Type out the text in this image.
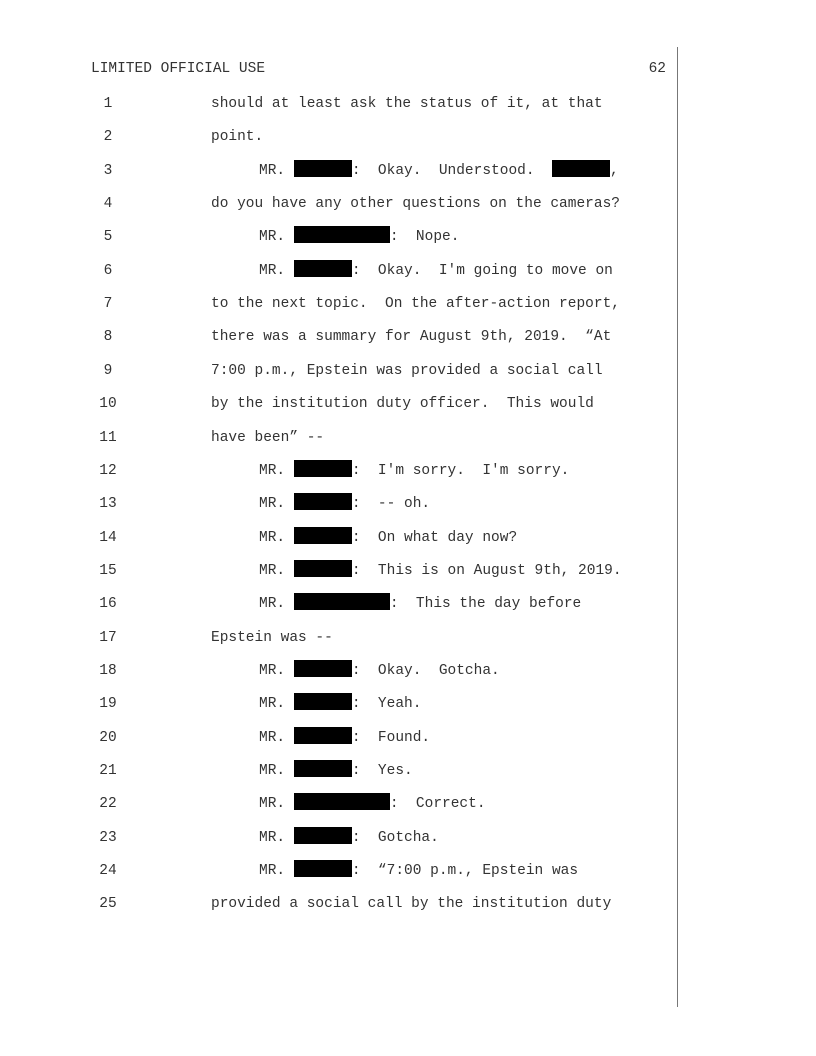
LIMITED OFFICIAL USE	62
1	should at least ask the status of it, at that
2	point.
3	MR.	:  Okay.  Understood.	,
4	do you have any other questions on the cameras?
5	MR.	:  Nope.
6	MR.	:  Okay.  I'm going to move on
7	to the next topic.  On the after-action report,
8	there was a summary for August 9th, 2019.  “At
9	7:00 p.m., Epstein was provided a social call
10	by the institution duty officer.  This would
11	have been” --
12	MR.	:  I'm sorry.  I'm sorry.
13	MR.	:  -- oh.
14	MR.	:  On what day now?
15	MR.	:  This is on August 9th, 2019.
16	MR.	:  This the day before
17	Epstein was --
18	MR.	:  Okay.  Gotcha.
19	MR.	:  Yeah.
20	MR.	:  Found.
21	MR.	:  Yes.
22	MR.	:  Correct.
23	MR.	:  Gotcha.
24	MR.	:  “7:00 p.m., Epstein was
25	provided a social call by the institution duty
